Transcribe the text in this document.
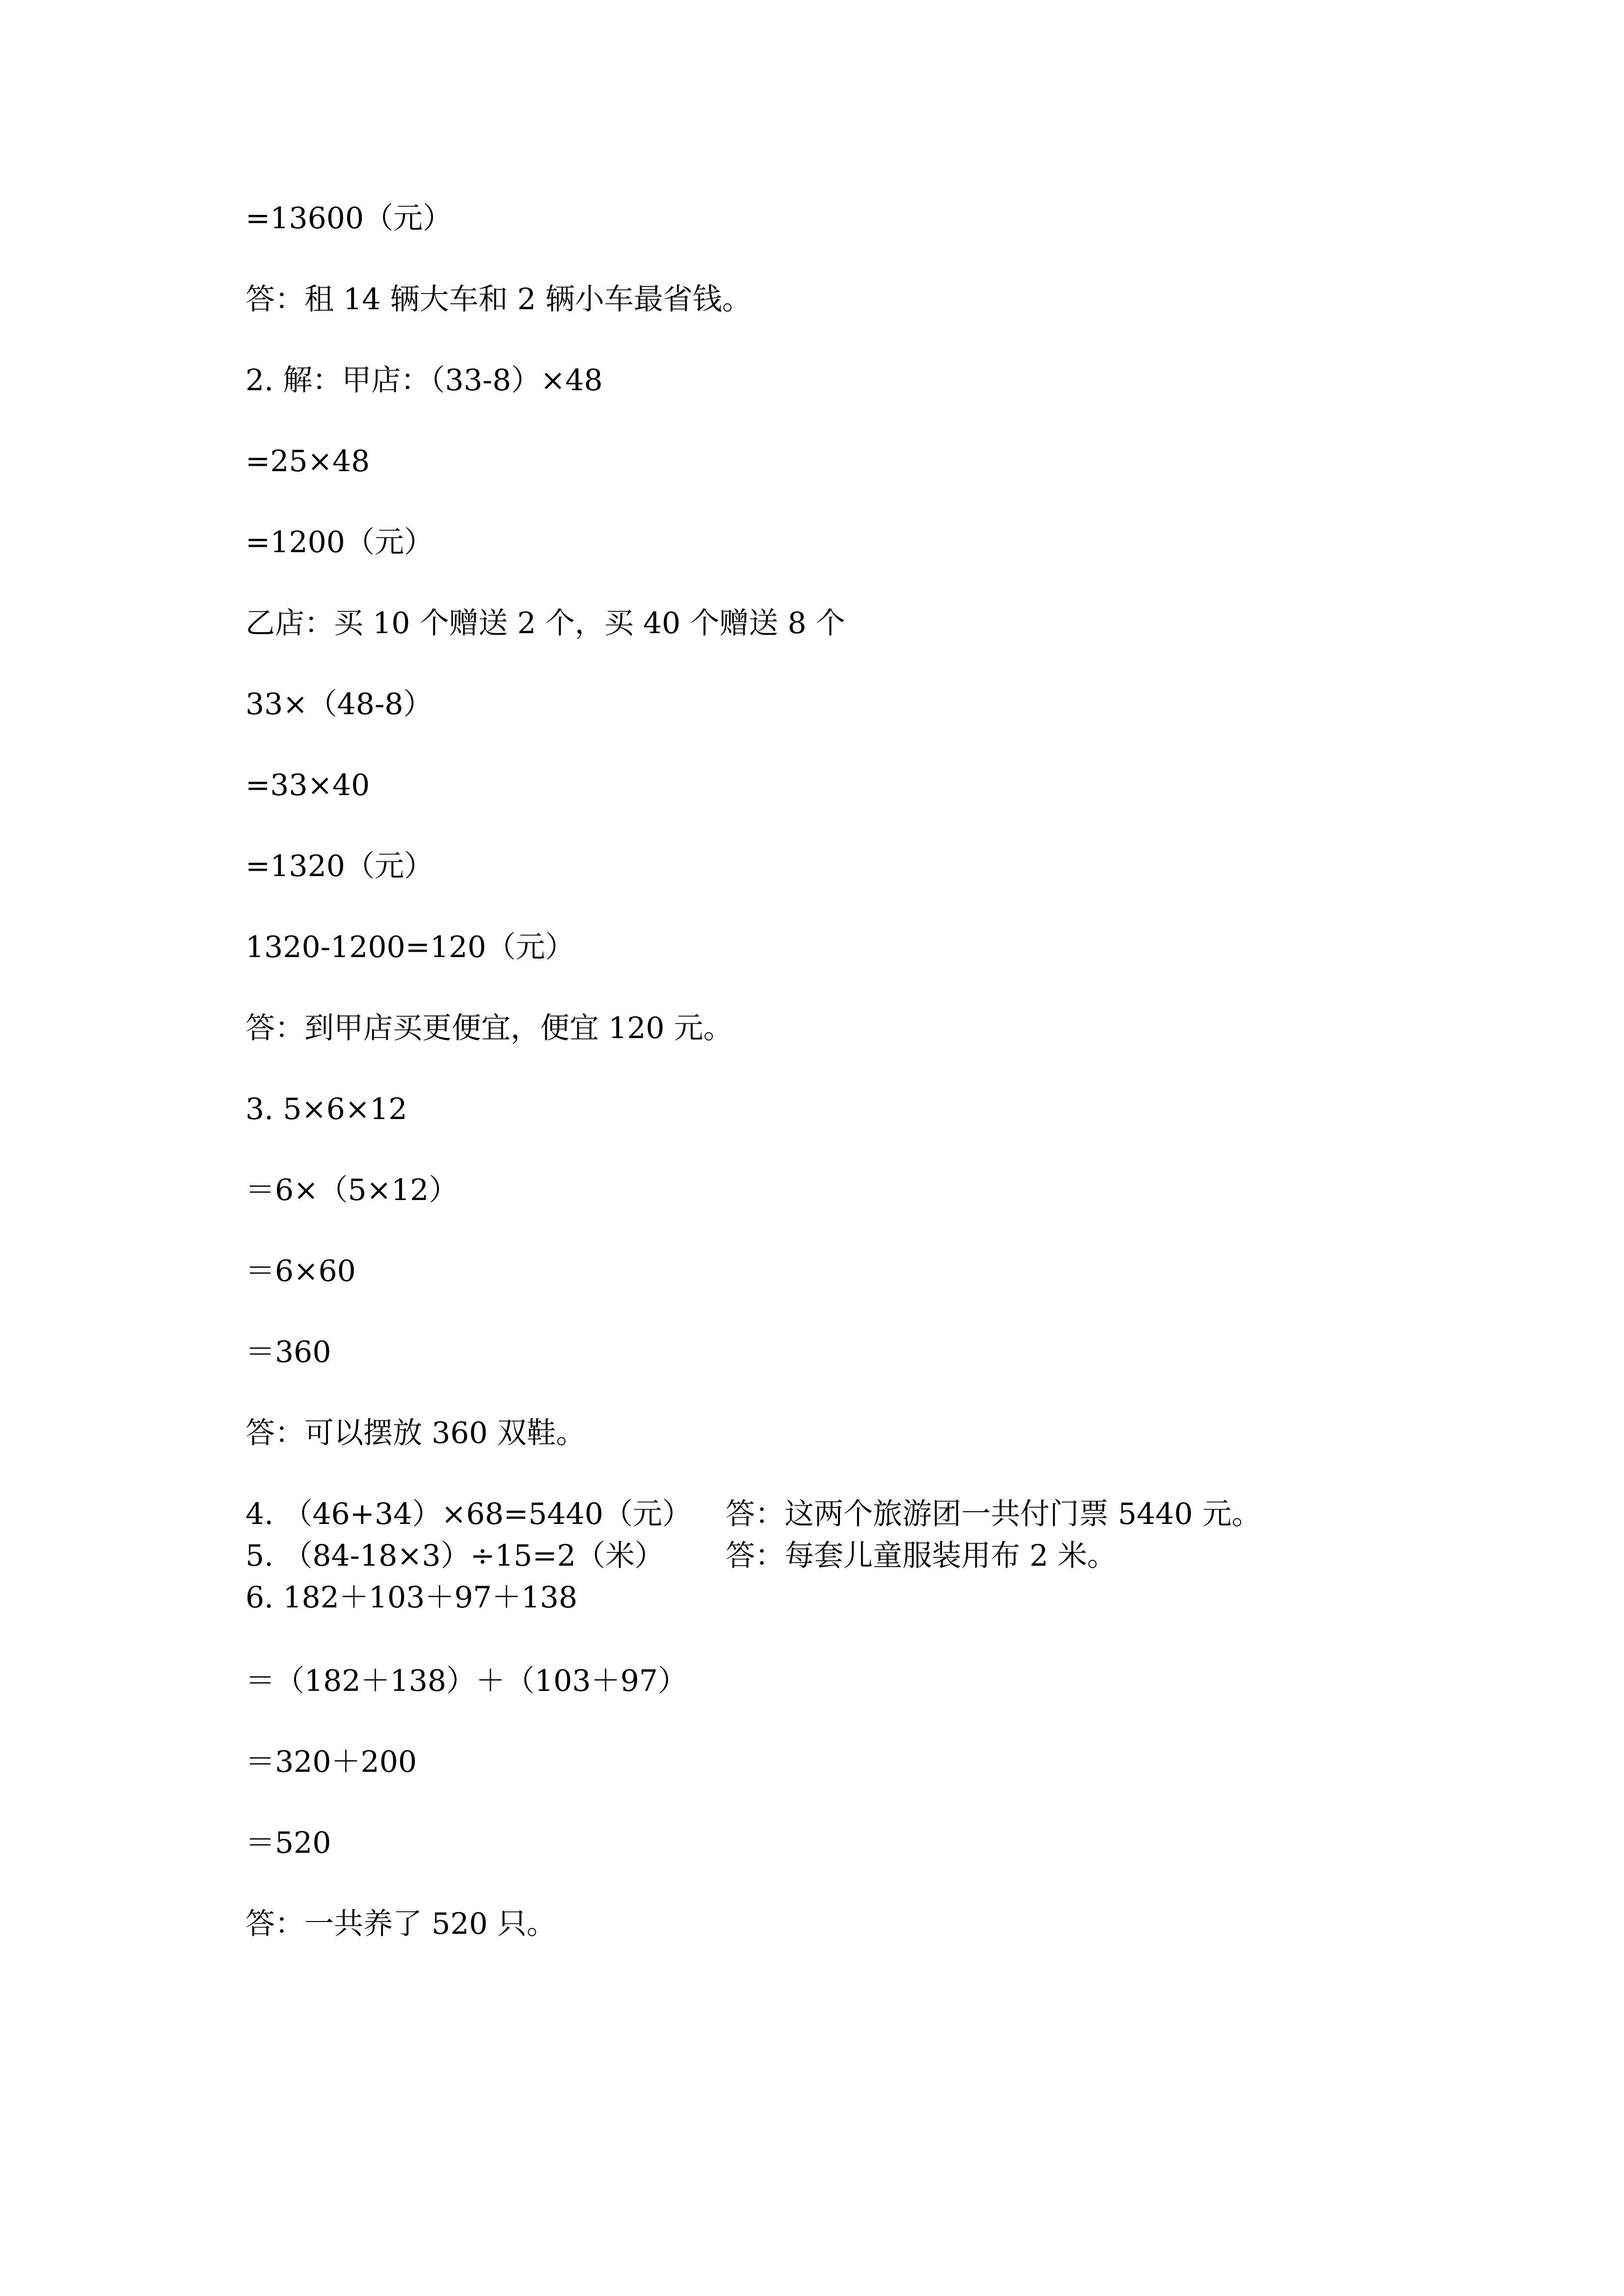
=13600（元）

答：租 14 辆大车和 2 辆小车最省钱。

2. 解：甲店：（33-8）×48

=25×48

=1200（元）

乙店：买 10 个赠送 2 个，买 40 个赠送 8 个

33×（48-8）

=33×40

=1320（元）

1320-1200=120（元）

答：到甲店买更便宜，便宜 120 元。

3. 5×6×12

＝6×（5×12）

＝6×60

＝360

答：可以摆放 360 双鞋。

4. （46+34）×68=5440（元） 答：这两个旅游团一共付门票 5440 元。

5. （84-18×3）÷15=2（米） 答：每套儿童服装用布 2 米。

6. 182＋103＋97＋138

＝（182＋138）＋（103＋97）

＝320＋200

＝520

答：一共养了 520 只。
